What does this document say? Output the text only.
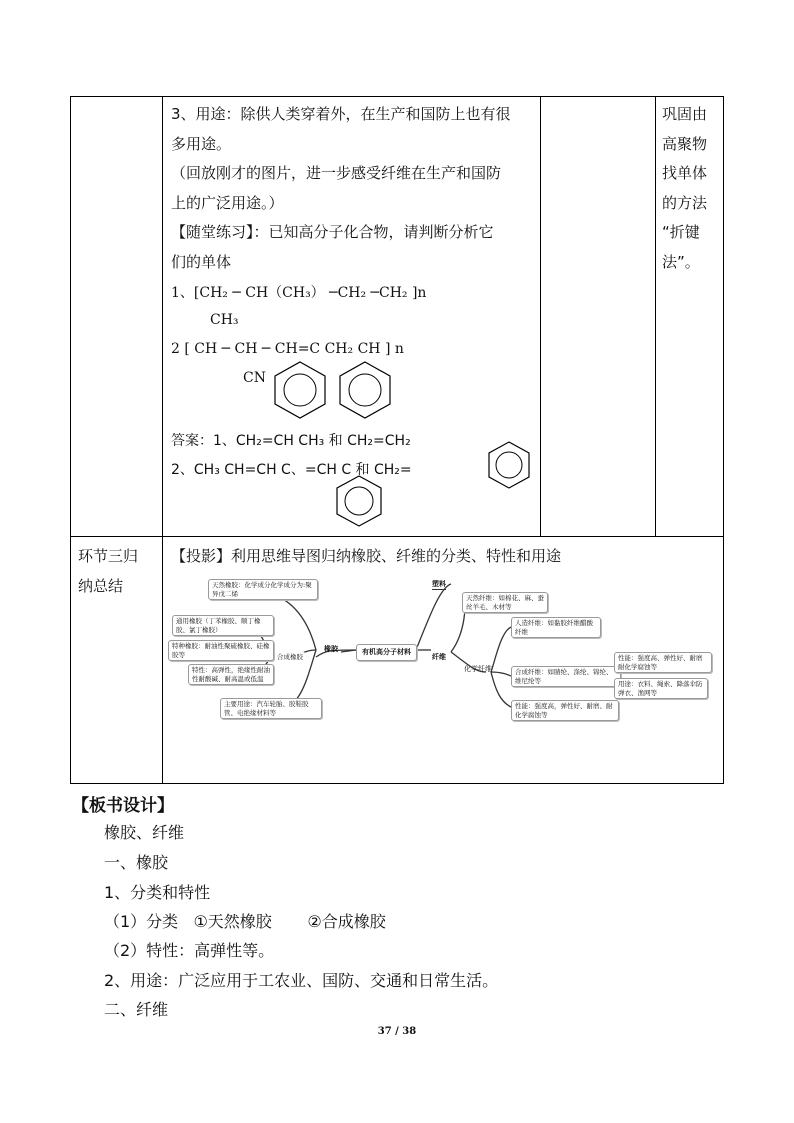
3、用途：除供人类穿着外，在生产和国防上也有很
多用途。
（回放刚才的图片，进一步感受纤维在生产和国防
上的广泛用途。）
【随堂练习】：已知高分子化合物，请判断分析它
们的单体
1、[CH₂ ─ CH（CH₃） ─CH₂ ─CH₂ ]n
CH₃
2 [ CH ─ CH ─ CH=C CH₂ CH ] n
CN
答案：1、CH₂=CH CH₃ 和 CH₂=CH₂
2、CH₃ CH=CH C、=CH C 和 CH₂=
巩固由
高聚物
找单体
的方法
“折键
法”。
环节三归
纳总结
【投影】利用思维导图归纳橡胶、纤维的分类、特性和用途
有机高分子材料
塑料
橡胶
纤维
天然橡胶：化学成分化学成分为:聚异戊二烯
合成橡胶
通用橡胶（丁苯橡胶、顺丁橡胶、氯丁橡胶）
特种橡胶：耐油性聚硫橡胶、硅橡胶等
特性：高弹性，绝缘性耐油性耐酸碱、耐高温或低温
主要用途：汽车轮胎、胶鞋胶管、电绝缘材料等
天然纤维：如棉花、麻、蚕丝羊毛、木材等
化学纤维
人造纤维：如黏胶纤维醋酸纤维
合成纤维：如腈纶、涤纶、锦纶、维尼纶等
性能：强度高、弹性好、耐磨耐化学腐蚀等
用途：衣料、绳索、降落伞防弹衣、渔网等
性能：强度高，弹性好、耐磨、耐化学腐蚀等
【板书设计】
橡胶、纤维
一、橡胶
1、分类和特性
（1）分类   ①天然橡胶       ②合成橡胶
（2）特性：高弹性等。
2、用途：广泛应用于工农业、国防、交通和日常生活。
二、纤维
37 / 38
